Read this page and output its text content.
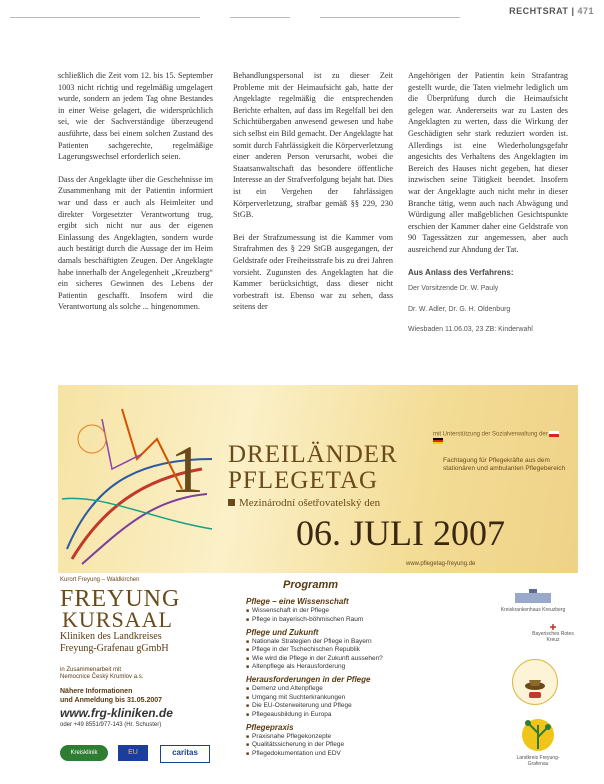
RECHTSRAT | 471

schließlich die Zeit vom 12. bis 15. September 1003 nicht richtig und regelmäßig umgelagert wurde, sondern an jedem Tag ohne Bestandes in einer Weise gelagert, die widersprüchlich sei, wie der Sachverständige überzeugend ausführte, dass bei einem solchen Zustand des Patienten sachgerechte, regelmäßige Lagerungswechsel erforderlich seien.

Dass der Angeklagte über die Geschehnisse im Zusammenhang mit der Patientin informiert war und dass er auch als Heimleiter und direkter Vorgesetzter Verantwortung trug, ergibt sich nicht nur aus der eigenen Einlassung des Angeklagten, sondern wurde auch bestätigt durch die Aussage der im Heim damals beschäftigten Zeugen. Der Angeklagte habe innerhalb der Angelegenheit „Kreuzberg“ ein sicheres Gewinnen des Lebens der Patientin geschafft. Insofern wird die Verantwortung als solche ... hingenommen.

Behandlungspersonal ist zu dieser Zeit Probleme mit der Heimaufsicht gab, hatte der Angeklagte regelmäßig die entsprechenden Berichte erhalten, auf dass im Regelfall bei den Schichtübergaben anwesend gewesen und habe sich selbst ein Bild gemacht. Der Angeklagte hat somit durch Fahrlässigkeit die Körperverletzung einer anderen Person verursacht, wobei die Staatsanwaltschaft das besondere öffentliche Interesse an der Strafverfolgung bejaht hat. Dies ist ein Vergehen der fahrlässigen Körperverletzung, strafbar gemäß §§ 229, 230 StGB.

Bei der Strafzumessung ist die Kammer vom Strafrahmen des § 229 StGB ausgegangen, der Geldstrafe oder Freiheitsstrafe bis zu drei Jahren vorsieht. Zugunsten des Angeklagten hat die Kammer berücksichtigt, dass dieser nicht vorbestraft ist. Ebenso war zu sehen, dass seitens der

Angehörigen der Patientin kein Strafantrag gestellt wurde, die Taten vielmehr lediglich um die Überprüfung durch die Heimaufsicht gelegen war. Andererseits war zu Lasten des Angeklagten zu werten, dass die Wirkung der Geschädigten sehr stark reduziert worden ist. Allerdings ist eine Wiederholungsgefahr angesichts des Verhaltens des Angeklagten im Bereich des Hauses nicht gegeben, hat dieser inzwischen seine Tätigkeit beendet. Insofern war der Angeklagte auch nicht mehr in dieser Branche tätig, wenn auch nach Abwägung und Würdigung aller maßgeblichen Gesichtspunkte erschien der Kammer daher eine Geldstrafe von 90 Tagessätzen zur angemessen, aber auch ausreichend zur Ahndung der Tat.

Aus Anlass des Verfahrens:

Der Vorsitzende Dr. W. Pauly

Dr. W. Adler, Dr. G. H. Oldenburg

Wiesbaden 11.06.03, 23 ZB: Kinderwahl

1 DREILÄNDER
PFLEGETAG
Mezinárodní ošetřovatelský den
06. JULI 2007
mit Unterstützung der Sozialverwaltung der
Fachtagung für Pflegekräfte aus dem stationären und ambulanten Pflegebereich
www.pflegetag-freyung.de
Kurort Freyung – Waldkirchen
FREYUNG
KURSAAL
Kliniken des Landkreises
Freyung-Grafenau gGmbH
in Zusammenarbeit mit
Nemocnice Český Krumlov a.s.
Nähere Informationen
und Anmeldung bis 31.05.2007
www.frg-kliniken.de
oder +49 8551/977-143 (Hr. Schuster)
Kreisklinik	EU	caritas
Programm
Pflege – eine Wissenschaft
■ Wissenschaft in der Pflege
■ Pflege in bayerisch-böhmischen Raum
Pflege und Zukunft
■ Nationale Strategien der Pflege in Bayern
■ Pflege in der Tschechischen Republik
■ Wie wird die Pflege in der Zukunft aussehen?
■ Altenpflege als Herausforderung
Herausforderungen in der Pflege
■ Demenz und Altenpflege
■ Umgang mit Suchterkrankungen
■ Die EU-Osterweiterung und Pflege
■ Pflegeausbildung in Europa
Pflegepraxis
■ Praxisnahe Pflegekonzepte
■ Qualitätssicherung in der Pflege
■ Pflegedokumentation und EDV
Kreiskrankenhaus Kreuzberg
✚
Bayerisches Rotes Kreuz
Landkreis Freyung-Grafenau
